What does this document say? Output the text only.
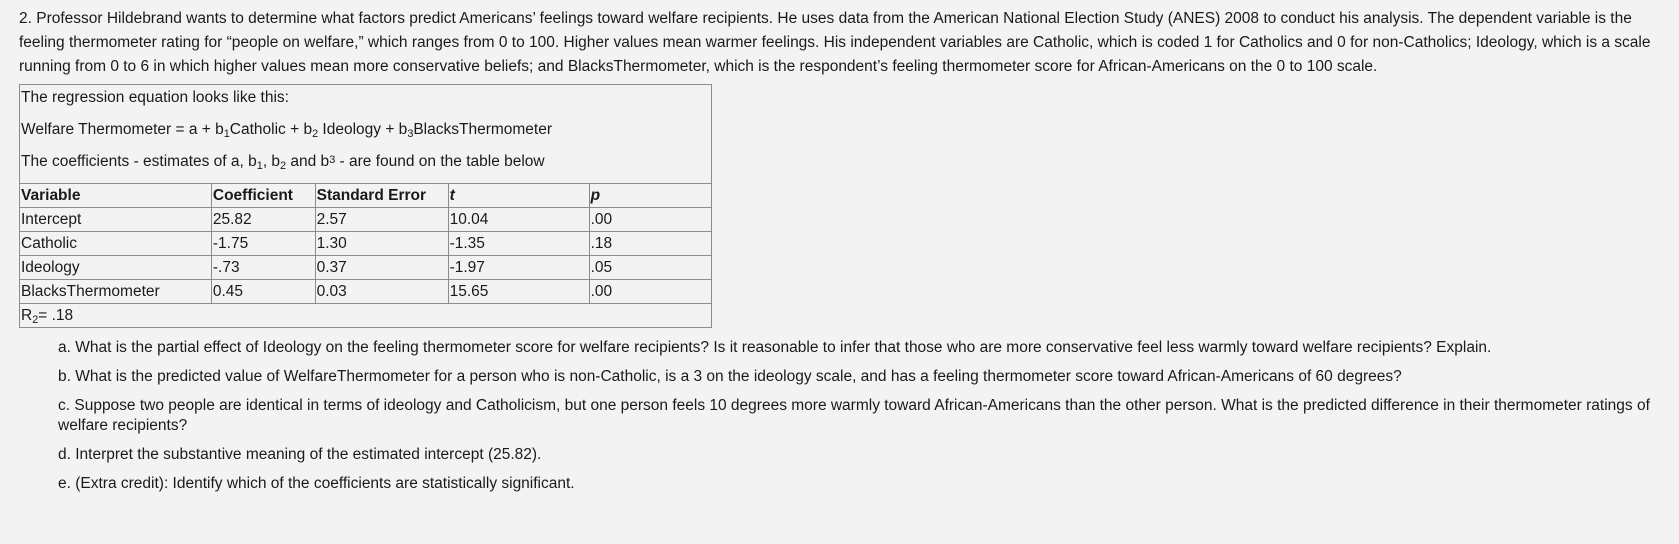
2. Professor Hildebrand wants to determine what factors predict Americans’ feelings toward welfare recipients. He uses data from the American National Election Study (ANES) 2008 to conduct his analysis. The dependent variable is the feeling thermometer rating for “people on welfare,” which ranges from 0 to 100. Higher values mean warmer feelings. His independent variables are Catholic, which is coded 1 for Catholics and 0 for non-Catholics; Ideology, which is a scale running from 0 to 6 in which higher values mean more conservative beliefs; and BlacksThermometer, which is the respondent’s feeling thermometer score for African-Americans on the 0 to 100 scale.

The regression equation looks like this:

Welfare Thermometer = $a + b_1Catholic + b_2$ Ideology + $b_3BlacksThermometer$

The coefficients - estimates of a, $b_1$, $b_2$ and $b^3$ - are found on the table below

Variable	Coefficient	Standard Error	t	p
Intercept	25.82	2.57	10.04	.00
Catholic	-1.75	1.30	-1.35	.18
Ideology	-.73	0.37	-1.97	.05
BlacksThermometer	0.45	0.03	15.65	.00
$R_2= .18$				

a. What is the partial effect of Ideology on the feeling thermometer score for welfare recipients? Is it reasonable to infer that those who are more conservative feel less warmly toward welfare recipients? Explain.

b. What is the predicted value of WelfareThermometer for a person who is non-Catholic, is a 3 on the ideology scale, and has a feeling thermometer score toward African-Americans of 60 degrees?

c. Suppose two people are identical in terms of ideology and Catholicism, but one person feels 10 degrees more warmly toward African-Americans than the other person. What is the predicted difference in their thermometer ratings of welfare recipients?

d. Interpret the substantive meaning of the estimated intercept (25.82).

e. (Extra credit): Identify which of the coefficients are statistically significant.
